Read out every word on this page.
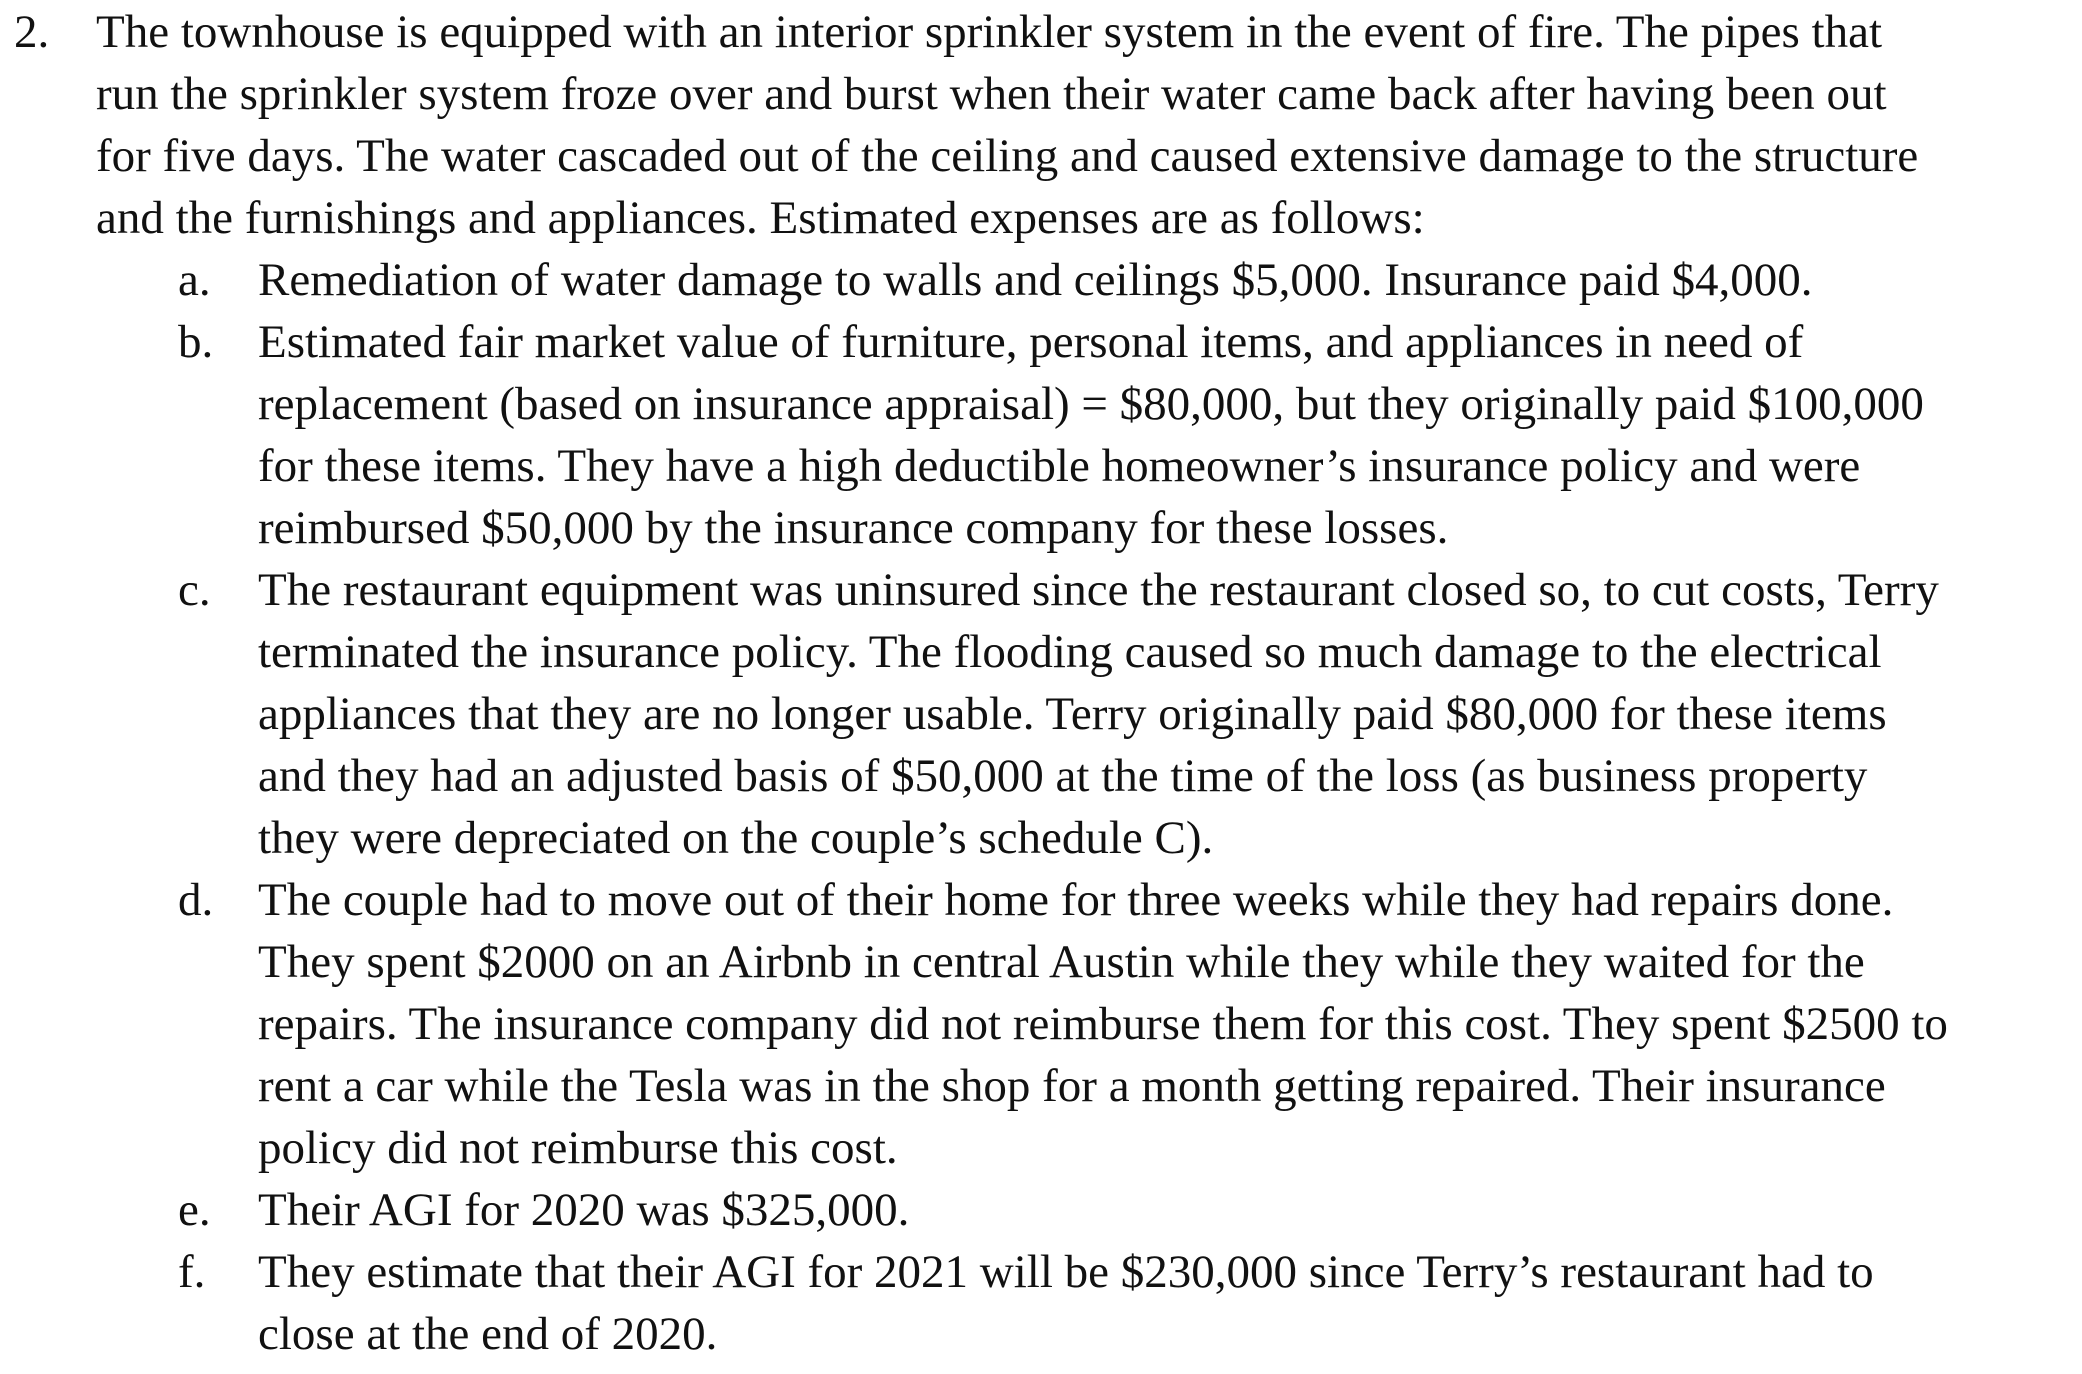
2. The townhouse is equipped with an interior sprinkler system in the event of fire. The pipes that
run the sprinkler system froze over and burst when their water came back after having been out
for five days. The water cascaded out of the ceiling and caused extensive damage to the structure
and the furnishings and appliances. Estimated expenses are as follows:
a. Remediation of water damage to walls and ceilings $5,000. Insurance paid $4,000.
b. Estimated fair market value of furniture, personal items, and appliances in need of
replacement (based on insurance appraisal) = $80,000, but they originally paid $100,000
for these items. They have a high deductible homeowner’s insurance policy and were
reimbursed $50,000 by the insurance company for these losses.
c. The restaurant equipment was uninsured since the restaurant closed so, to cut costs, Terry
terminated the insurance policy. The flooding caused so much damage to the electrical
appliances that they are no longer usable. Terry originally paid $80,000 for these items
and they had an adjusted basis of $50,000 at the time of the loss (as business property
they were depreciated on the couple’s schedule C).
d. The couple had to move out of their home for three weeks while they had repairs done.
They spent $2000 on an Airbnb in central Austin while they while they waited for the
repairs. The insurance company did not reimburse them for this cost. They spent $2500 to
rent a car while the Tesla was in the shop for a month getting repaired. Their insurance
policy did not reimburse this cost.
e. Their AGI for 2020 was $325,000.
f. They estimate that their AGI for 2021 will be $230,000 since Terry’s restaurant had to
close at the end of 2020.
